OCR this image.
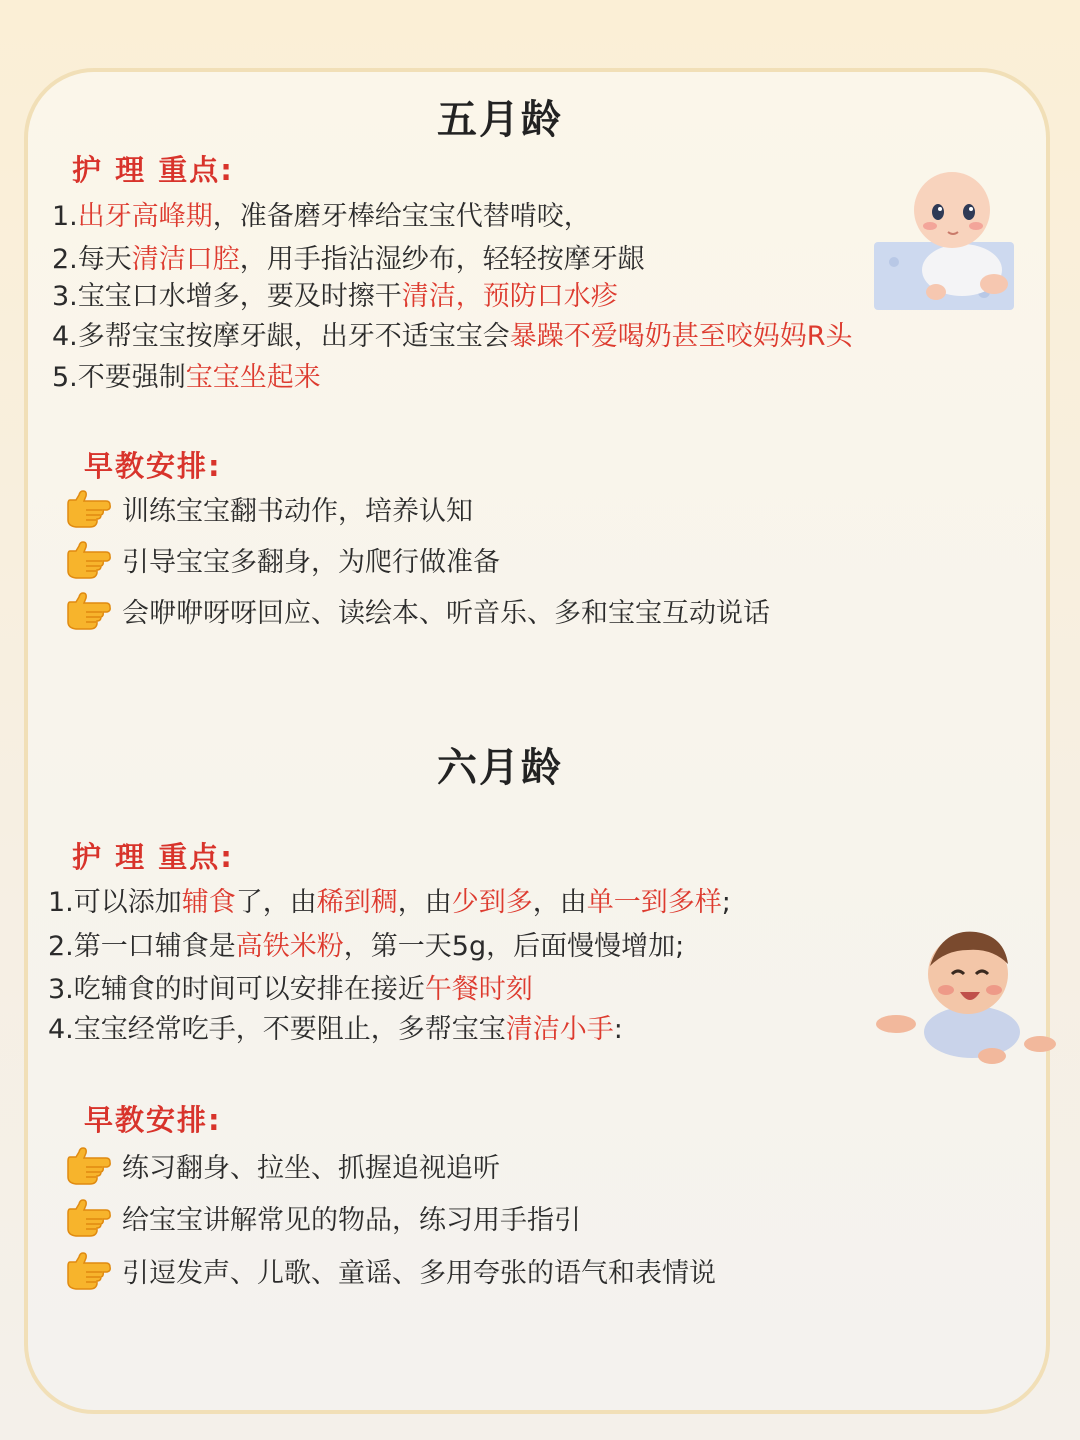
五月龄
护 理 重点:
1.出牙高峰期，准备磨牙棒给宝宝代替啃咬，
2.每天清洁口腔，用手指沾湿纱布，轻轻按摩牙龈
3.宝宝口水增多，要及时擦干清洁，预防口水疹
4.多帮宝宝按摩牙龈，出牙不适宝宝会暴躁不爱喝奶甚至咬妈妈R头
5.不要强制宝宝坐起来
早教安排:
训练宝宝翻书动作，培养认知
引导宝宝多翻身，为爬行做准备
会咿咿呀呀回应、读绘本、听音乐、多和宝宝互动说话
六月龄
护 理 重点:
1.可以添加辅食了，由稀到稠，由少到多，由单一到多样;
2.第一口辅食是高铁米粉，第一天5g，后面慢慢增加;
3.吃辅食的时间可以安排在接近午餐时刻
4.宝宝经常吃手，不要阻止，多帮宝宝清洁小手:
早教安排:
练习翻身、拉坐、抓握追视追听
给宝宝讲解常见的物品，练习用手指引
引逗发声、儿歌、童谣、多用夸张的语气和表情说
